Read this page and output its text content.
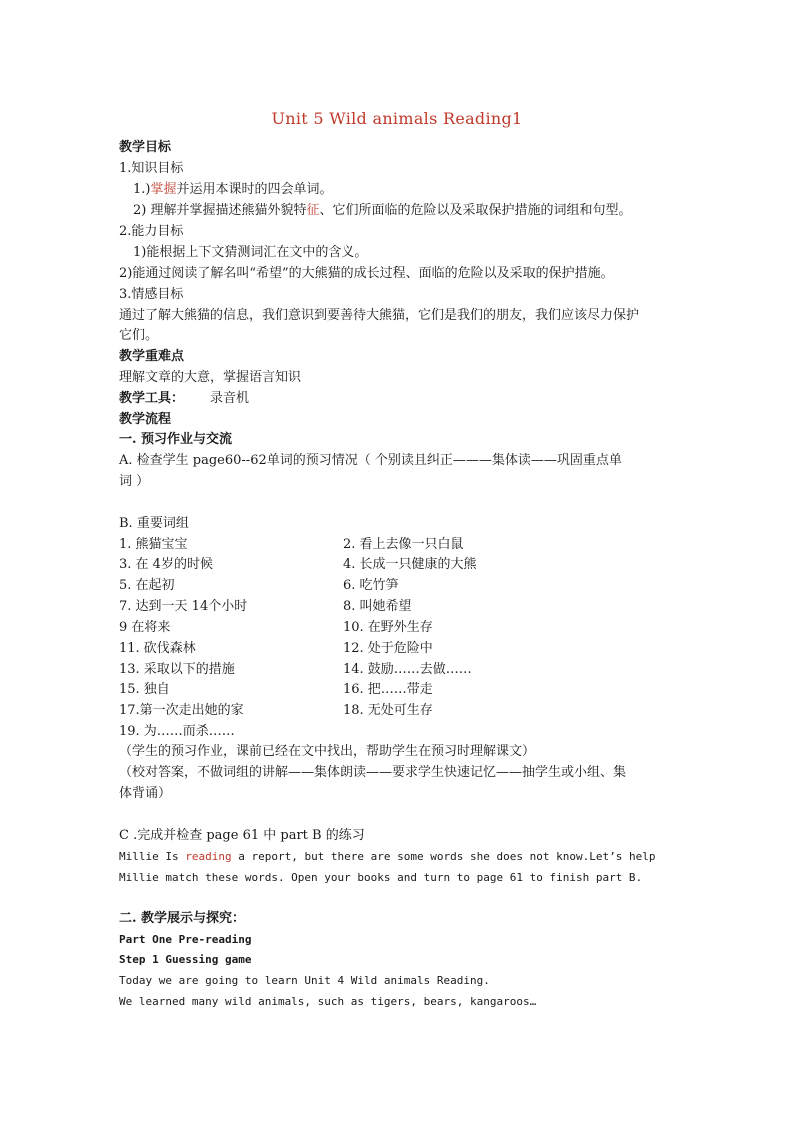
Unit 5 Wild animals Reading1
教学目标
1.知识目标
1.)掌握并运用本课时的四会单词。
2) 理解并掌握描述熊猫外貌特征、它们所面临的危险以及采取保护措施的词组和句型。
2.能力目标
1)能根据上下文猜测词汇在文中的含义。
2)能通过阅读了解名叫“希望”的大熊猫的成长过程、面临的危险以及采取的保护措施。
3.情感目标
通过了解大熊猫的信息，我们意识到要善待大熊猫，它们是我们的朋友，我们应该尽力保护
它们。
教学重难点
理解文章的大意，掌握语言知识
教学工具： 录音机
教学流程
一. 预习作业与交流
A. 检查学生 page60--62单词的预习情况（ 个别读且纠正———集体读——巩固重点单
词 ）
B. 重要词组
1. 熊猫宝宝	2. 看上去像一只白鼠
3. 在 4岁的时候	4. 长成一只健康的大熊
5. 在起初	6. 吃竹笋
7. 达到一天 14个小时	8. 叫她希望
9 在将来	10. 在野外生存
11. 砍伐森林	12. 处于危险中
13. 采取以下的措施	14. 鼓励……去做……
15. 独自	16. 把……带走
17.第一次走出她的家	18. 无处可生存
19. 为……而杀……
（学生的预习作业，课前已经在文中找出，帮助学生在预习时理解课文）
（校对答案，不做词组的讲解——集体朗读——要求学生快速记忆——抽学生或小组、集
体背诵）
C .完成并检查 page 61 中 part B 的练习
Millie Is reading a report, but there are some words she does not know.Let’s help
Millie match these words. Open your books and turn to page 61 to finish part B.
二. 教学展示与探究：
Part One Pre-reading
Step 1 Guessing game
Today we are going to learn Unit 4 Wild animals Reading.
We learned many wild animals, such as tigers, bears, kangaroos…
